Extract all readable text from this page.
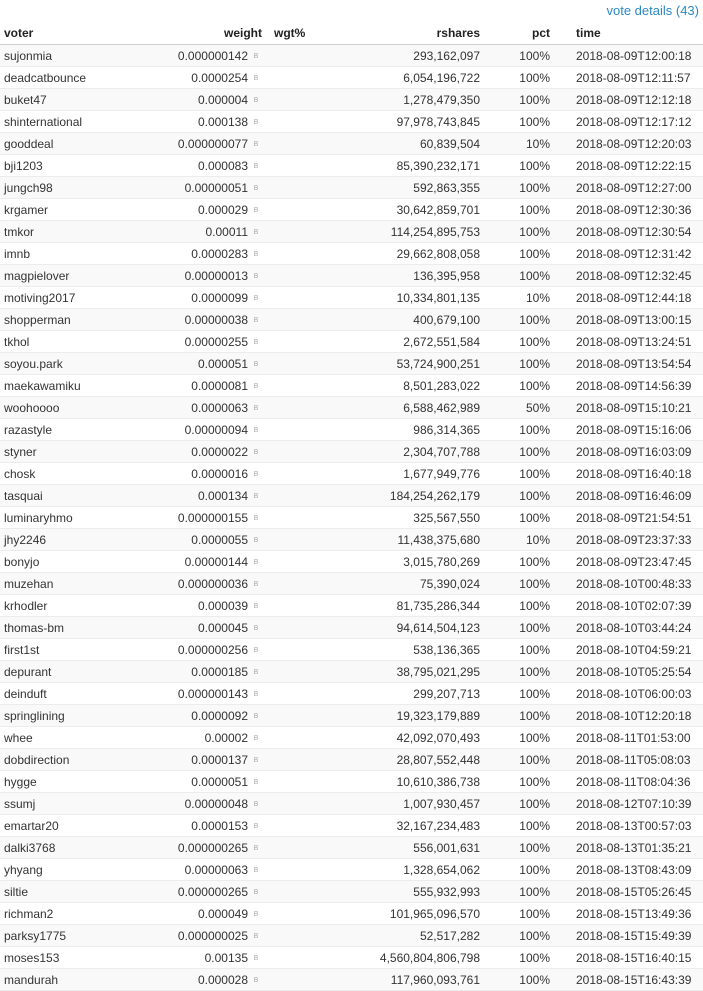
vote details (43)
voter	weight	wgt%	rshares	pct	time
sujonmia	0.000000142 B		293,162,097	100%	2018-08-09T12:00:18
deadcatbounce	0.0000254 B		6,054,196,722	100%	2018-08-09T12:11:57
buket47	0.000004 B		1,278,479,350	100%	2018-08-09T12:12:18
shinternational	0.000138 B		97,978,743,845	100%	2018-08-09T12:17:12
gooddeal	0.000000077 B		60,839,504	10%	2018-08-09T12:20:03
bji1203	0.000083 B		85,390,232,171	100%	2018-08-09T12:22:15
jungch98	0.00000051 B		592,863,355	100%	2018-08-09T12:27:00
krgamer	0.000029 B		30,642,859,701	100%	2018-08-09T12:30:36
tmkor	0.00011 B		114,254,895,753	100%	2018-08-09T12:30:54
imnb	0.0000283 B		29,662,808,058	100%	2018-08-09T12:31:42
magpielover	0.00000013 B		136,395,958	100%	2018-08-09T12:32:45
motiving2017	0.0000099 B		10,334,801,135	10%	2018-08-09T12:44:18
shopperman	0.00000038 B		400,679,100	100%	2018-08-09T13:00:15
tkhol	0.00000255 B		2,672,551,584	100%	2018-08-09T13:24:51
soyou.park	0.000051 B		53,724,900,251	100%	2018-08-09T13:54:54
maekawamiku	0.0000081 B		8,501,283,022	100%	2018-08-09T14:56:39
woohoooo	0.0000063 B		6,588,462,989	50%	2018-08-09T15:10:21
razastyle	0.00000094 B		986,314,365	100%	2018-08-09T15:16:06
styner	0.0000022 B		2,304,707,788	100%	2018-08-09T16:03:09
chosk	0.0000016 B		1,677,949,776	100%	2018-08-09T16:40:18
tasquai	0.000134 B		184,254,262,179	100%	2018-08-09T16:46:09
luminaryhmo	0.000000155 B		325,567,550	100%	2018-08-09T21:54:51
jhy2246	0.0000055 B		11,438,375,680	10%	2018-08-09T23:37:33
bonyjo	0.00000144 B		3,015,780,269	100%	2018-08-09T23:47:45
muzehan	0.000000036 B		75,390,024	100%	2018-08-10T00:48:33
krhodler	0.000039 B		81,735,286,344	100%	2018-08-10T02:07:39
thomas-bm	0.000045 B		94,614,504,123	100%	2018-08-10T03:44:24
first1st	0.000000256 B		538,136,365	100%	2018-08-10T04:59:21
depurant	0.0000185 B		38,795,021,295	100%	2018-08-10T05:25:54
deinduft	0.000000143 B		299,207,713	100%	2018-08-10T06:00:03
springlining	0.0000092 B		19,323,179,889	100%	2018-08-10T12:20:18
whee	0.00002 B		42,092,070,493	100%	2018-08-11T01:53:00
dobdirection	0.0000137 B		28,807,552,448	100%	2018-08-11T05:08:03
hygge	0.0000051 B		10,610,386,738	100%	2018-08-11T08:04:36
ssumj	0.00000048 B		1,007,930,457	100%	2018-08-12T07:10:39
emartar20	0.0000153 B		32,167,234,483	100%	2018-08-13T00:57:03
dalki3768	0.000000265 B		556,001,631	100%	2018-08-13T01:35:21
yhyang	0.00000063 B		1,328,654,062	100%	2018-08-13T08:43:09
siltie	0.000000265 B		555,932,993	100%	2018-08-15T05:26:45
richman2	0.000049 B		101,965,096,570	100%	2018-08-15T13:49:36
parksy1775	0.000000025 B		52,517,282	100%	2018-08-15T15:49:39
moses153	0.00135 B		4,560,804,806,798	100%	2018-08-15T16:40:15
mandurah	0.000028 B		117,960,093,761	100%	2018-08-15T16:43:39
